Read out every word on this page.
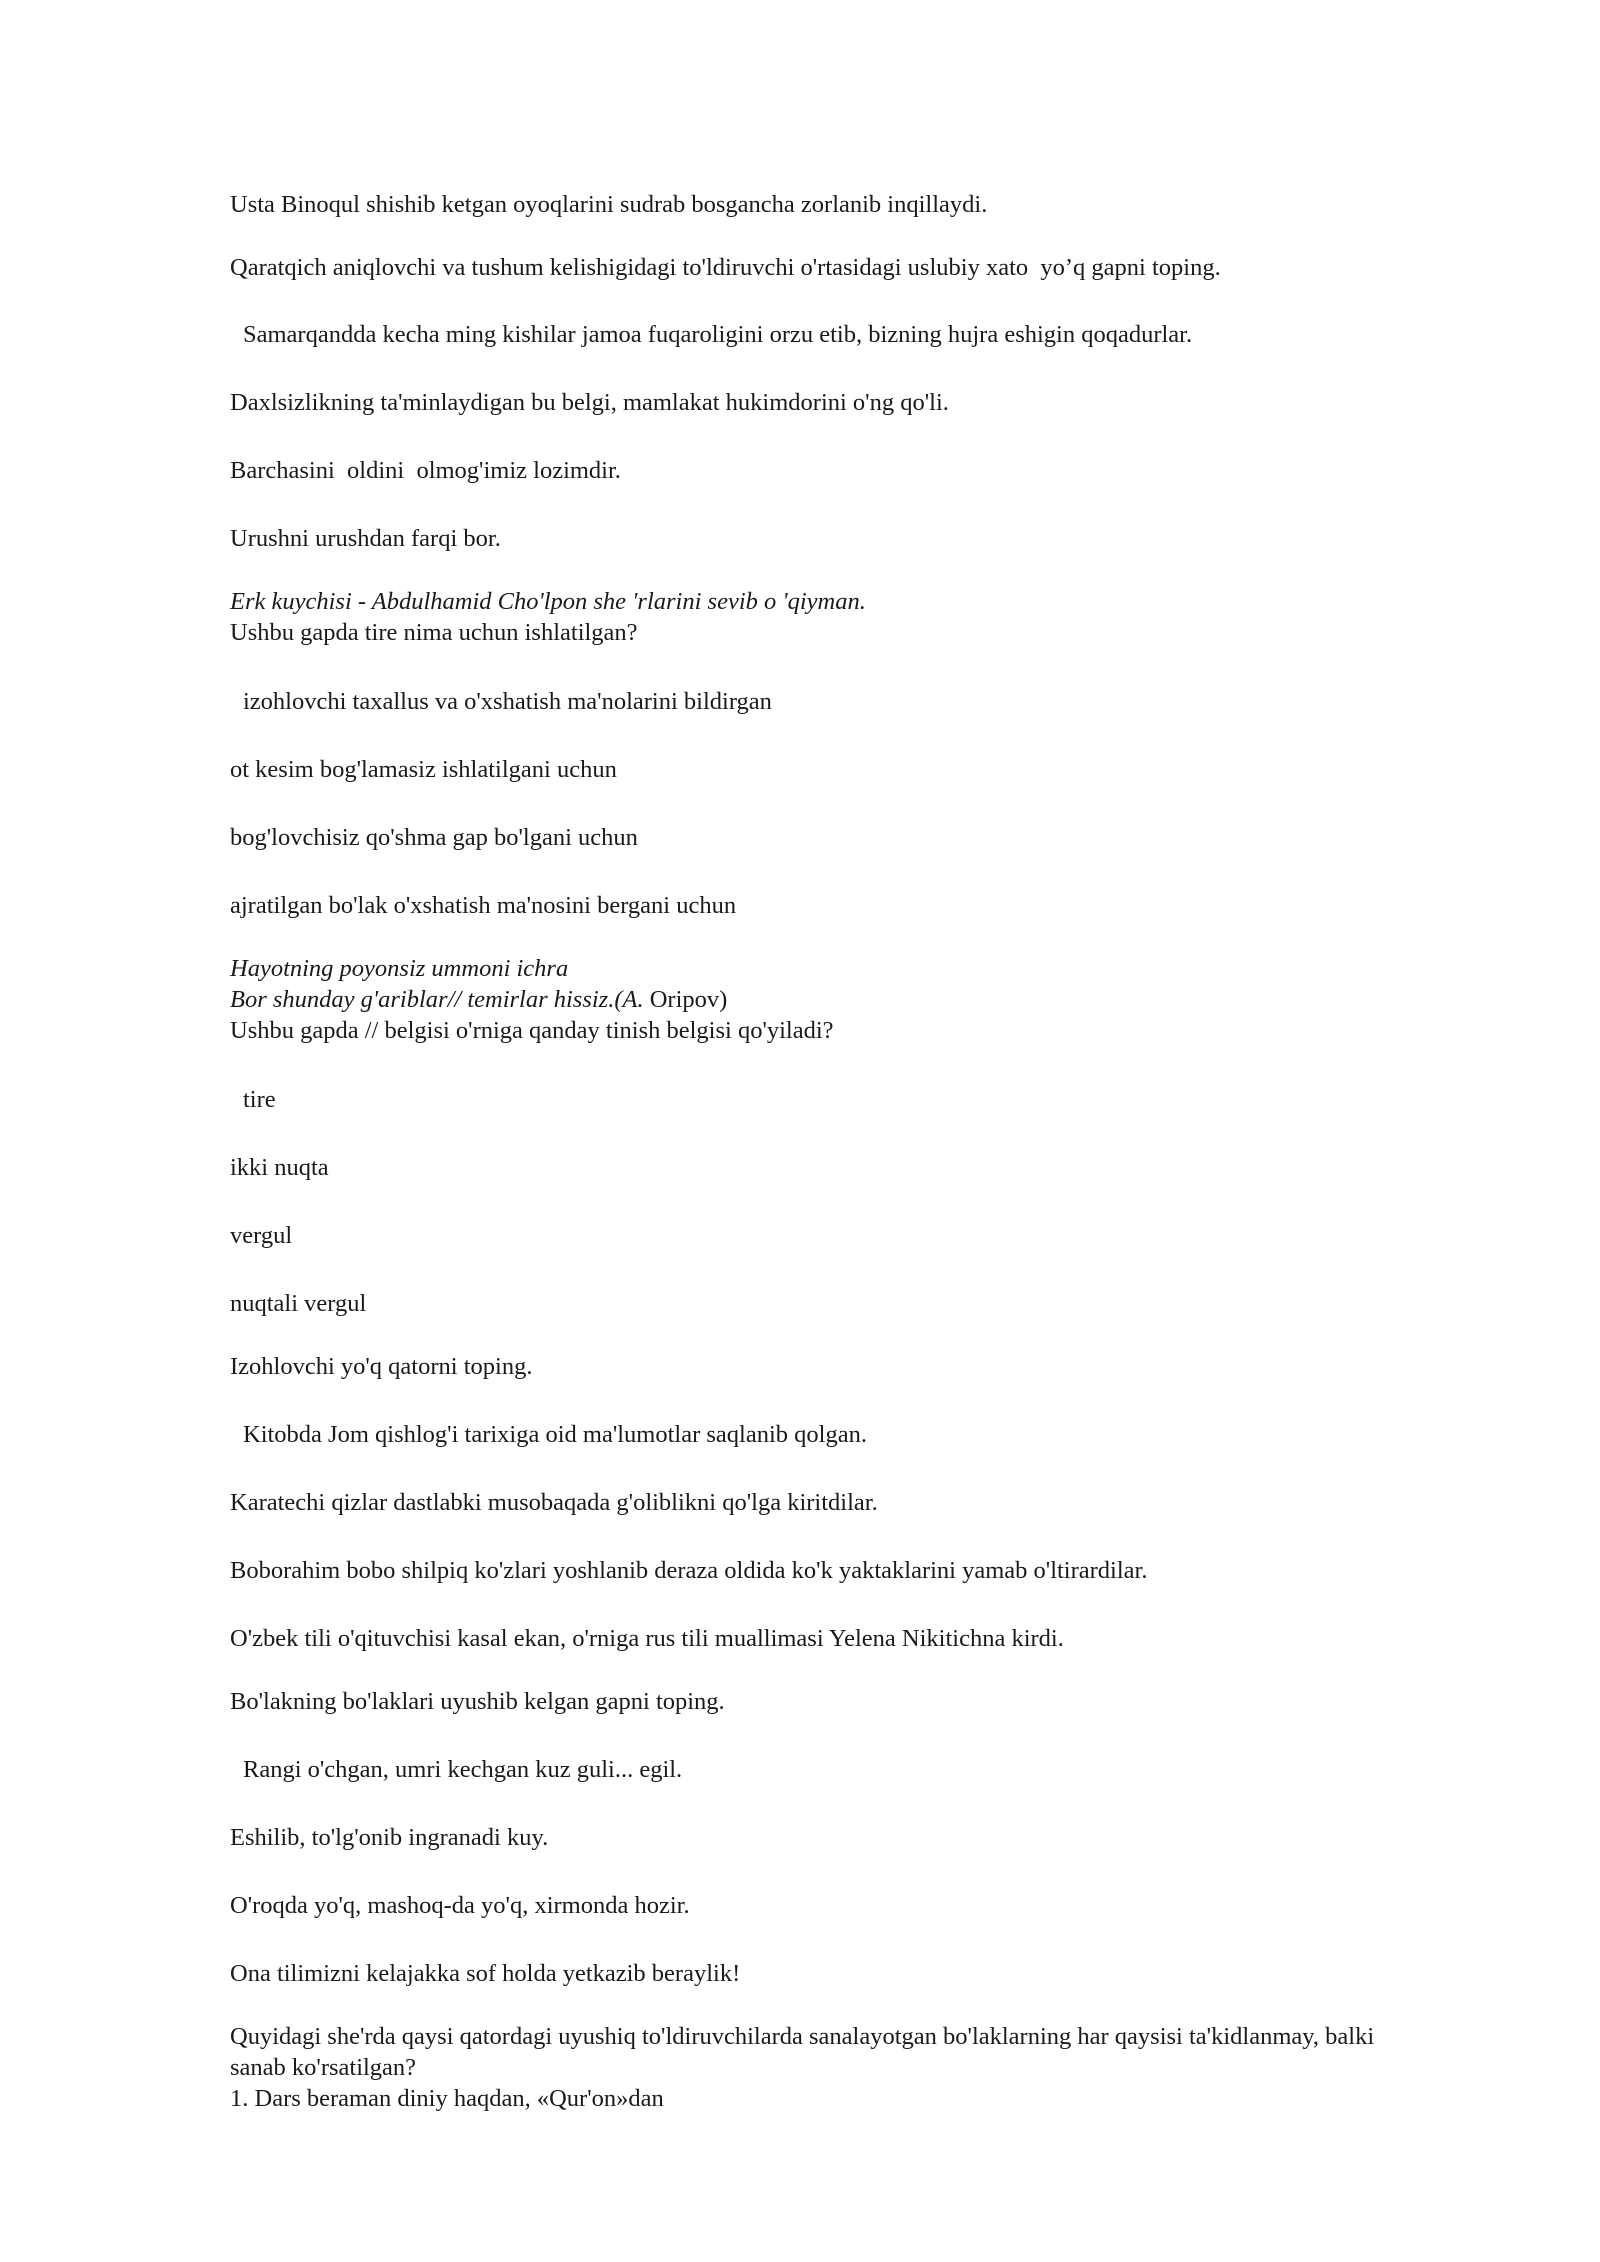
Usta Binoqul shishib ketgan oyoqlarini sudrab bosgancha zorlanib inqillaydi.
Qaratqich aniqlovchi va tushum kelishigidagi to'ldiruvchi o'rtasidagi uslubiy xato  yo’q gapni toping.
Samarqandda kecha ming kishilar jamoa fuqaroligini orzu etib, bizning hujra eshigin qoqadurlar.
Daxlsizlikning ta'minlaydigan bu belgi, mamlakat hukimdorini o'ng qo'li.
Barchasini  oldini  olmog'imiz lozimdir.
Urushni urushdan farqi bor.
Erk kuychisi - Abdulhamid Cho'lpon she 'rlarini sevib o 'qiyman.
Ushbu gapda tire nima uchun ishlatilgan?
izohlovchi taxallus va o'xshatish ma'nolarini bildirgan
ot kesim bog'lamasiz ishlatilgani uchun
bog'lovchisiz qo'shma gap bo'lgani uchun
ajratilgan bo'lak o'xshatish ma'nosini bergani uchun
Hayotning poyonsiz ummoni ichra
Bor shunday g'ariblar// temirlar hissiz.(A. Oripov)
Ushbu gapda // belgisi o'rniga qanday tinish belgisi qo'yiladi?
tire
ikki nuqta
vergul
nuqtali vergul
Izohlovchi yo'q qatorni toping.
Kitobda Jom qishlog'i tarixiga oid ma'lumotlar saqlanib qolgan.
Karatechi qizlar dastlabki musobaqada g'oliblikni qo'lga kiritdilar.
Boborahim bobo shilpiq ko'zlari yoshlanib deraza oldida ko'k yaktaklarini yamab o'ltirardilar.
O'zbek tili o'qituvchisi kasal ekan, o'rniga rus tili muallimasi Yelena Nikitichna kirdi.
Bo'lakning bo'laklari uyushib kelgan gapni toping.
Rangi o'chgan, umri kechgan kuz guli... egil.
Eshilib, to'lg'onib ingranadi kuy.
O'roqda yo'q, mashoq-da yo'q, xirmonda hozir.
Ona tilimizni kelajakka sof holda yetkazib beraylik!
Quyidagi she'rda qaysi qatordagi uyushiq to'ldiruvchilarda sanalayotgan bo'laklarning har qaysisi ta'kidlanmay, balki
sanab ko'rsatilgan?
1. Dars beraman diniy haqdan, «Qur'on»dan
